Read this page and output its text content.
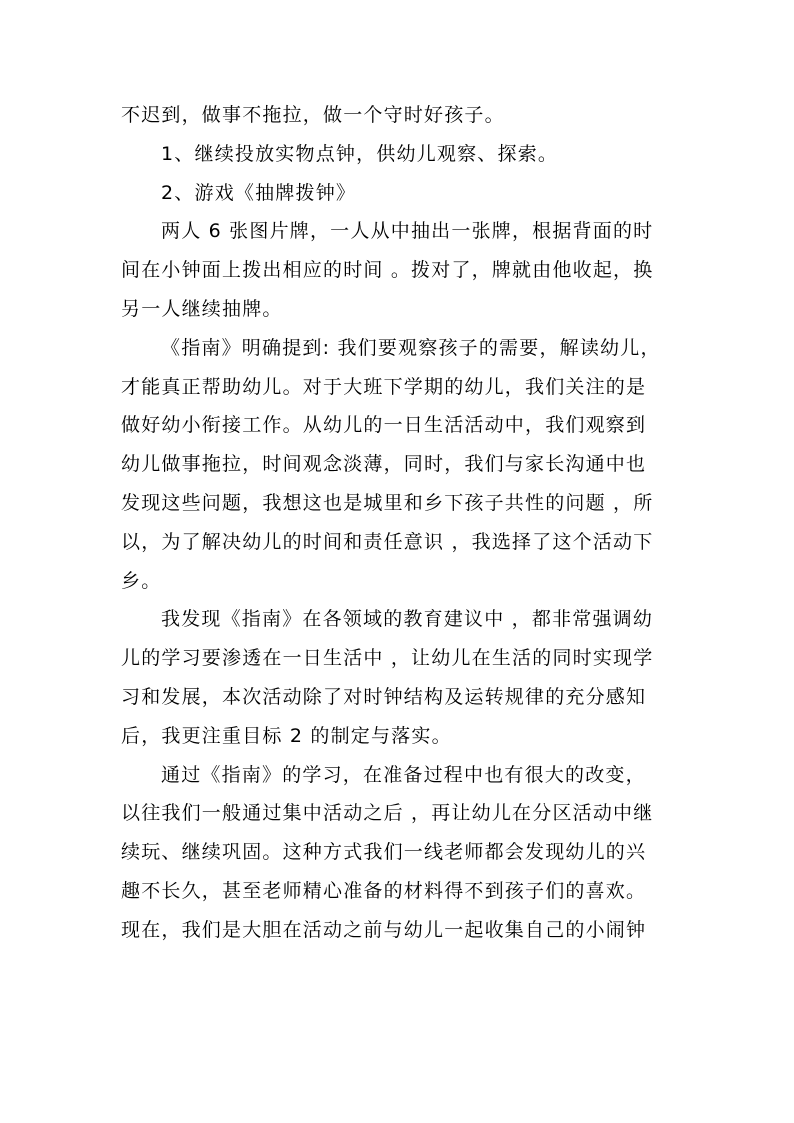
不迟到，做事不拖拉，做一个守时好孩子。
1、继续投放实物点钟，供幼儿观察、探索。
2、游戏《抽牌拨钟》
两人 6 张图片牌，一人从中抽出一张牌，根据背面的时
间在小钟面上拨出相应的时间 。拨对了，牌就由他收起，换
另一人继续抽牌。
《指南》明确提到: 我们要观察孩子的需要，解读幼儿，
才能真正帮助幼儿。对于大班下学期的幼儿，我们关注的是
做好幼小衔接工作。从幼儿的一日生活活动中，我们观察到
幼儿做事拖拉，时间观念淡薄，同时，我们与家长沟通中也
发现这些问题，我想这也是城里和乡下孩子共性的问题 ，所
以，为了解决幼儿的时间和责任意识 ，我选择了这个活动下
乡。
我发现《指南》在各领域的教育建议中 ，都非常强调幼
儿的学习要渗透在一日生活中 ，让幼儿在生活的同时实现学
习和发展，本次活动除了对时钟结构及运转规律的充分感知
后，我更注重目标 2 的制定与落实。
通过《指南》的学习，在准备过程中也有很大的改变，
以往我们一般通过集中活动之后 ，再让幼儿在分区活动中继
续玩、继续巩固。这种方式我们一线老师都会发现幼儿的兴
趣不长久，甚至老师精心准备的材料得不到孩子们的喜欢。
现在，我们是大胆在活动之前与幼儿一起收集自己的小闹钟
